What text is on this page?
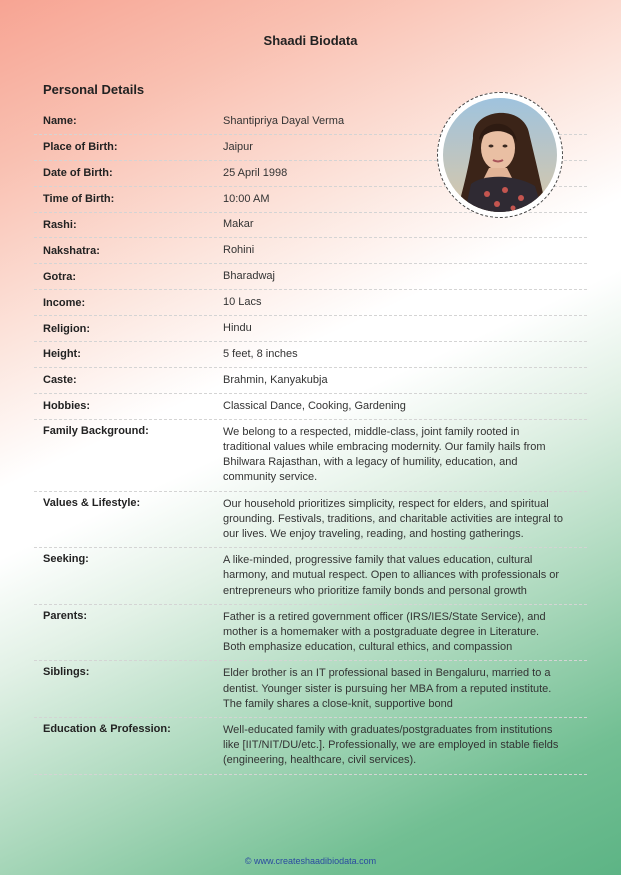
Shaadi Biodata
Personal Details
Name:	Shantipriya Dayal Verma
Place of Birth:	Jaipur
Date of Birth:	25 April 1998
Time of Birth:	10:00 AM
Rashi:	Makar
Nakshatra:	Rohini
Gotra:	Bharadwaj
Income:	10 Lacs
Religion:	Hindu
Height:	5 feet, 8 inches
Caste:	Brahmin, Kanyakubja
Hobbies:	Classical Dance, Cooking, Gardening
Family Background:	We belong to a respected, middle-class, joint family rooted in traditional values while embracing modernity. Our family hails from Bhilwara Rajasthan, with a legacy of humility, education, and community service.
Values & Lifestyle:	Our household prioritizes simplicity, respect for elders, and spiritual grounding. Festivals, traditions, and charitable activities are integral to our lives. We enjoy traveling, reading, and hosting gatherings.
Seeking:	A like-minded, progressive family that values education, cultural harmony, and mutual respect. Open to alliances with professionals or entrepreneurs who prioritize family bonds and personal growth
Parents:	Father is a retired government officer (IRS/IES/State Service), and mother is a homemaker with a postgraduate degree in Literature. Both emphasize education, cultural ethics, and compassion
Siblings:	Elder brother is an IT professional based in Bengaluru, married to a dentist. Younger sister is pursuing her MBA from a reputed institute. The family shares a close-knit, supportive bond
Education & Profession:	Well-educated family with graduates/postgraduates from institutions like [IIT/NIT/DU/etc.]. Professionally, we are employed in stable fields (engineering, healthcare, civil services).
© www.createshaadibiodata.com
